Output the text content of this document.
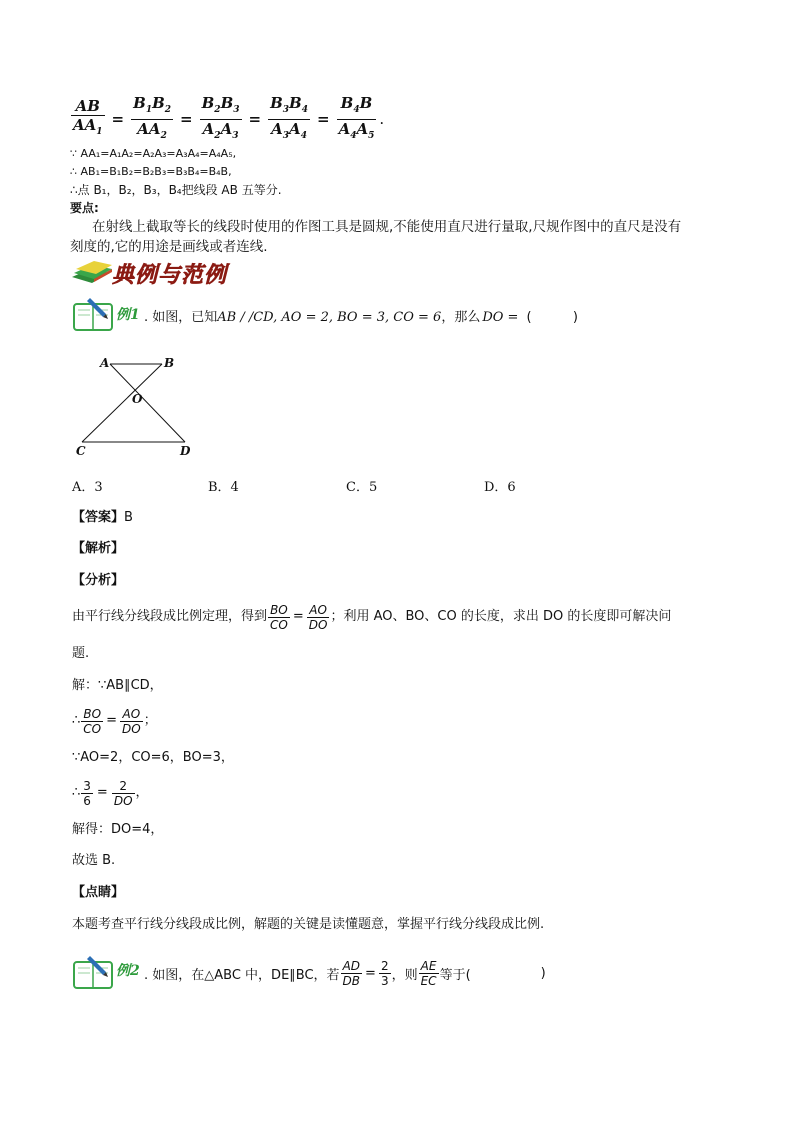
$\frac{AB}{AA_1} = \frac{B_1B_2}{AA_2} = \frac{B_2B_3}{A_2A_3} = \frac{B_3B_4}{A_3A_4} = \frac{B_4B}{A_4A_5}$ .
∵ AA₁=A₁A₂=A₂A₃=A₃A₄=A₄A₅,
∴ AB₁=B₁B₂=B₂B₃=B₃B₄=B₄B,
∴点 B₁，B₂，B₃，B₄把线段 AB 五等分.
要点:
在射线上截取等长的线段时使用的作图工具是圆规,不能使用直尺进行量取,尺规作图中的直尺是没有
刻度的,它的用途是画线或者连线.
典例与范例
例1 . 如图，已知AB / /CD, AO = 2, BO = 3, CO = 6，那么 DO = (          )
A	B
O
C	D
A．3	B．4	C．5	D．6
【答案】B
【解析】
【分析】
由平行线分线段成比例定理，得到 $\frac{BO}{CO} = \frac{AO}{DO}$ ；利用 AO、BO、CO 的长度，求出 DO 的长度即可解决问
题.
解：∵AB∥CD，
∴ $\frac{BO}{CO} = \frac{AO}{DO}$ ；
∵AO=2，CO=6，BO=3，
∴ $\frac{3}{6} = \frac{2}{DO}$ ，
解得：DO=4，
故选 B.
【点睛】
本题考查平行线分线段成比例，解题的关键是读懂题意，掌握平行线分线段成比例.
例2 . 如图，在△ABC 中，DE∥BC，若 $\frac{AD}{DB} = \frac{2}{3}$ ，则 $\frac{AE}{EC}$ 等于(	)
